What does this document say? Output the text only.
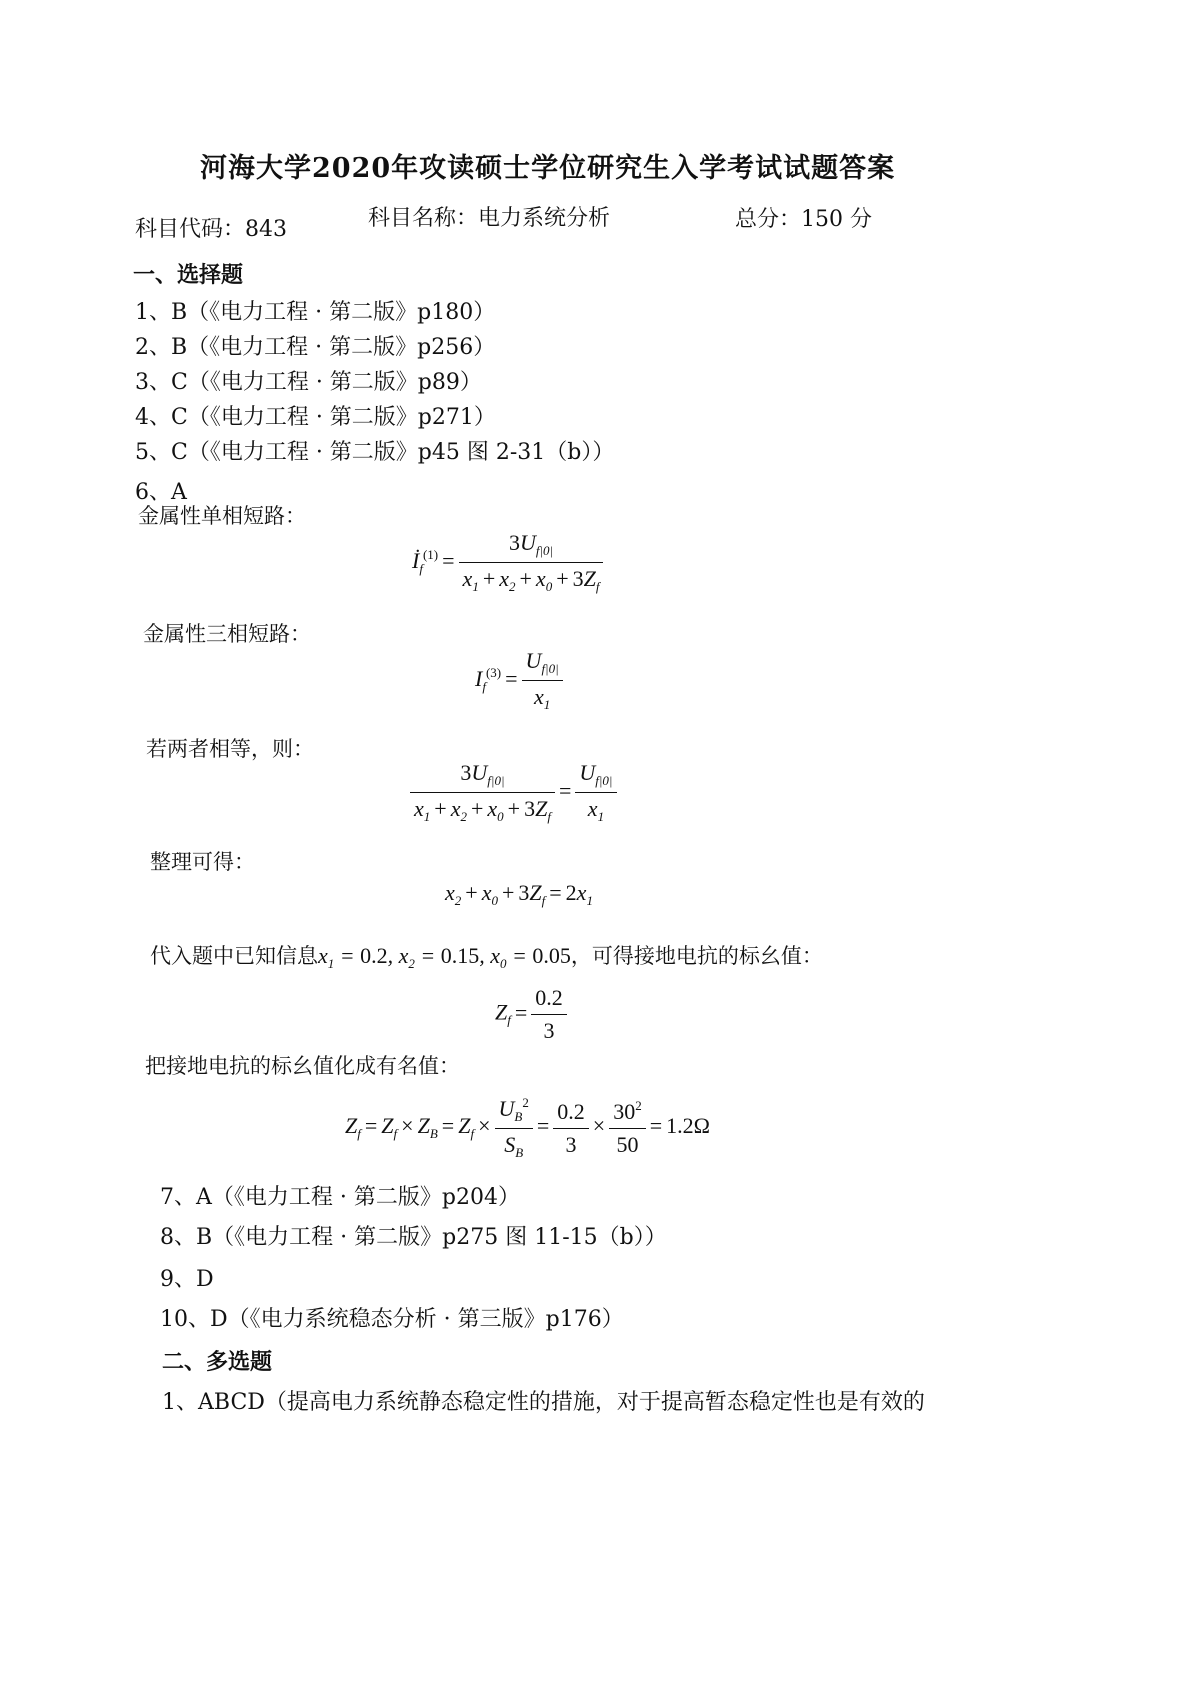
河海大学2020年攻读硕士学位研究生入学考试试题答案
科目代码：843	科目名称：电力系统分析	总分：150 分
一、选择题
1、B（《电力工程 · 第二版》p180）
2、B（《电力工程 · 第二版》p256）
3、C（《电力工程 · 第二版》p89）
4、C（《电力工程 · 第二版》p271）
5、C（《电力工程 · 第二版》p45 图 2-31（b））
6、A
金属性单相短路：
$İ_f^{(1)} = \frac{3U_{f|0|}}{x_1 + x_2 + x_0 + 3Z_f}$
金属性三相短路：
$I_f^{(3)} = \frac{U_{f|0|}}{x_1}$
若两者相等，则：
$\frac{3U_{f|0|}}{x_1 + x_2 + x_0 + 3Z_f} = \frac{U_{f|0|}}{x_1}$
整理可得：
$x_2 + x_0 + 3Z_f = 2x_1$
代入题中已知信息$x_1 = 0.2$, $x_2 = 0.15$, $x_0 = 0.05$，可得接地电抗的标幺值：
$Z_f = \frac{0.2}{3}$
把接地电抗的标幺值化成有名值：
$Z_f = Z_f \times Z_B = Z_f \times \frac{U_B^2}{S_B} = \frac{0.2}{3} \times \frac{30^2}{50} = 1.2\Omega$
7、A（《电力工程 · 第二版》p204）
8、B（《电力工程 · 第二版》p275 图 11-15（b））
9、D
10、D（《电力系统稳态分析 · 第三版》p176）
二、多选题
1、ABCD（提高电力系统静态稳定性的措施，对于提高暂态稳定性也是有效的
